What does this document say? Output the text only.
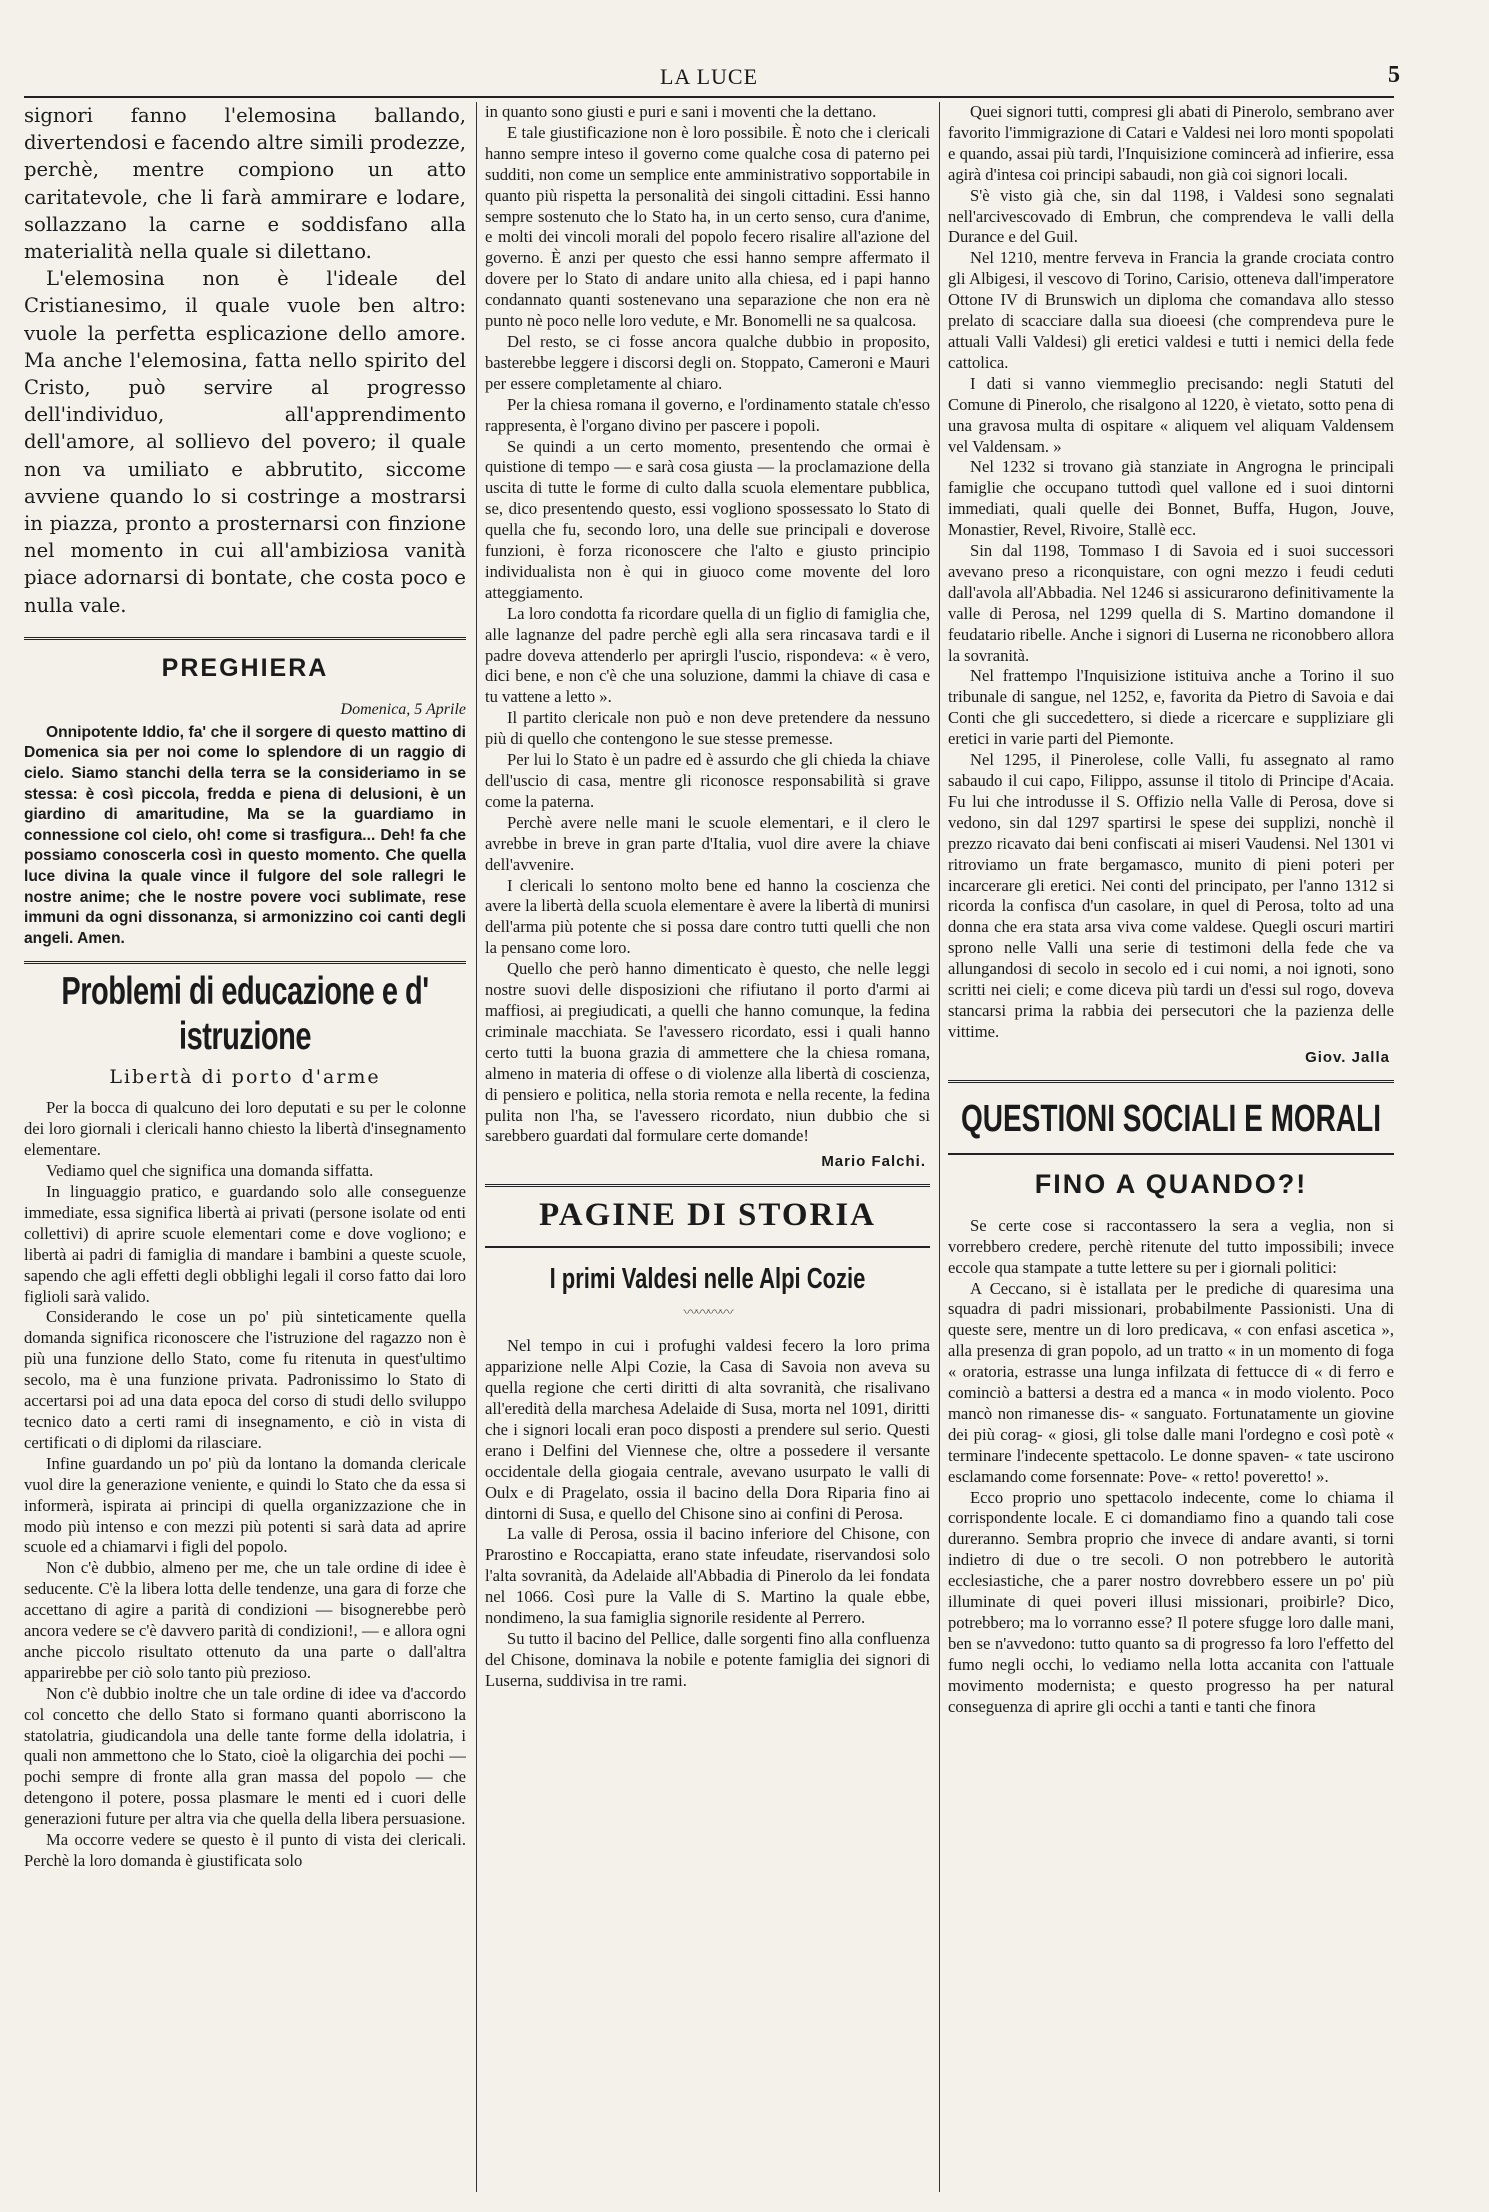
LA LUCE	5

signori fanno l'elemosina ballando, divertendosi e facendo altre simili prodezze, perchè, mentre compiono un atto caritatevole, che li farà ammirare e lodare, sollazzano la carne e soddisfano alla materialità nella quale si dilettano.

L'elemosina non è l'ideale del Cristianesimo, il quale vuole ben altro: vuole la perfetta esplicazione dello amore. Ma anche l'elemosina, fatta nello spirito del Cristo, può servire al progresso dell'individuo, all'apprendimento dell'amore, al sollievo del povero; il quale non va umiliato e abbrutito, siccome avviene quando lo si costringe a mostrarsi in piazza, pronto a prosternarsi con finzione nel momento in cui all'ambiziosa vanità piace adornarsi di bontate, che costa poco e nulla vale.

PREGHIERA
Domenica, 5 Aprile

Onnipotente Iddio, fa' che il sorgere di questo mattino di Domenica sia per noi come lo splendore di un raggio di cielo. Siamo stanchi della terra se la consideriamo in se stessa: è così piccola, fredda e piena di delusioni, è un giardino di amaritudine, Ma se la guardiamo in connessione col cielo, oh! come si trasfigura... Deh! fa che possiamo conoscerla così in questo momento. Che quella luce divina la quale vince il fulgore del sole rallegri le nostre anime; che le nostre povere voci sublimate, rese immuni da ogni dissonanza, si armonizzino coi canti degli angeli. Amen.

Problemi di educazione e d' istruzione
Libertà di porto d'arme

Per la bocca di qualcuno dei loro deputati e su per le colonne dei loro giornali i clericali hanno chiesto la libertà d'insegnamento elementare.

Vediamo quel che significa una domanda siffatta.

In linguaggio pratico, e guardando solo alle conseguenze immediate, essa significa libertà ai privati (persone isolate od enti collettivi) di aprire scuole elementari come e dove vogliono; e libertà ai padri di famiglia di mandare i bambini a queste scuole, sapendo che agli effetti degli obblighi legali il corso fatto dai loro figlioli sarà valido.

Considerando le cose un po' più sinteticamente quella domanda significa riconoscere che l'istruzione del ragazzo non è più una funzione dello Stato, come fu ritenuta in quest'ultimo secolo, ma è una funzione privata. Padronissimo lo Stato di accertarsi poi ad una data epoca del corso di studi dello sviluppo tecnico dato a certi rami di insegnamento, e ciò in vista di certificati o di diplomi da rilasciare.

Infine guardando un po' più da lontano la domanda clericale vuol dire la generazione veniente, e quindi lo Stato che da essa si informerà, ispirata ai principi di quella organizzazione che in modo più intenso e con mezzi più potenti si sarà data ad aprire scuole ed a chiamarvi i figli del popolo.

Non c'è dubbio, almeno per me, che un tale ordine di idee è seducente. C'è la libera lotta delle tendenze, una gara di forze che accettano di agire a parità di condizioni — bisognerebbe però ancora vedere se c'è davvero parità di condizioni!, — e allora ogni anche piccolo risultato ottenuto da una parte o dall'altra apparirebbe per ciò solo tanto più prezioso.

Non c'è dubbio inoltre che un tale ordine di idee va d'accordo col concetto che dello Stato si formano quanti aborriscono la statolatria, giudicandola una delle tante forme della idolatria, i quali non ammettono che lo Stato, cioè la oligarchia dei pochi — pochi sempre di fronte alla gran massa del popolo — che detengono il potere, possa plasmare le menti ed i cuori delle generazioni future per altra via che quella della libera persuasione.

Ma occorre vedere se questo è il punto di vista dei clericali. Perchè la loro domanda è giustificata solo

in quanto sono giusti e puri e sani i moventi che la dettano.

E tale giustificazione non è loro possibile. È noto che i clericali hanno sempre inteso il governo come qualche cosa di paterno pei sudditi, non come un semplice ente amministrativo sopportabile in quanto più rispetta la personalità dei singoli cittadini. Essi hanno sempre sostenuto che lo Stato ha, in un certo senso, cura d'anime, e molti dei vincoli morali del popolo fecero risalire all'azione del governo. È anzi per questo che essi hanno sempre affermato il dovere per lo Stato di andare unito alla chiesa, ed i papi hanno condannato quanti sostenevano una separazione che non era nè punto nè poco nelle loro vedute, e Mr. Bonomelli ne sa qualcosa.

Del resto, se ci fosse ancora qualche dubbio in proposito, basterebbe leggere i discorsi degli on. Stoppato, Cameroni e Mauri per essere completamente al chiaro.

Per la chiesa romana il governo, e l'ordinamento statale ch'esso rappresenta, è l'organo divino per pascere i popoli.

Se quindi a un certo momento, presentendo che ormai è quistione di tempo — e sarà cosa giusta — la proclamazione della uscita di tutte le forme di culto dalla scuola elementare pubblica, se, dico presentendo questo, essi vogliono spossessato lo Stato di quella che fu, secondo loro, una delle sue principali e doverose funzioni, è forza riconoscere che l'alto e giusto principio individualista non è qui in giuoco come movente del loro atteggiamento.

La loro condotta fa ricordare quella di un figlio di famiglia che, alle lagnanze del padre perchè egli alla sera rincasava tardi e il padre doveva attenderlo per aprirgli l'uscio, rispondeva: « è vero, dici bene, e non c'è che una soluzione, dammi la chiave di casa e tu vattene a letto ».

Il partito clericale non può e non deve pretendere da nessuno più di quello che contengono le sue stesse premesse.

Per lui lo Stato è un padre ed è assurdo che gli chieda la chiave dell'uscio di casa, mentre gli riconosce responsabilità si grave come la paterna.

Perchè avere nelle mani le scuole elementari, e il clero le avrebbe in breve in gran parte d'Italia, vuol dire avere la chiave dell'avvenire.

I clericali lo sentono molto bene ed hanno la coscienza che avere la libertà della scuola elementare è avere la libertà di munirsi dell'arma più potente che si possa dare contro tutti quelli che non la pensano come loro.

Quello che però hanno dimenticato è questo, che nelle leggi nostre suovi delle disposizioni che rifiutano il porto d'armi ai maffiosi, ai pregiudicati, a quelli che hanno comunque, la fedina criminale macchiata. Se l'avessero ricordato, essi i quali hanno certo tutti la buona grazia di ammettere che la chiesa romana, almeno in materia di offese o di violenze alla libertà di coscienza, di pensiero e politica, nella storia remota e nella recente, la fedina pulita non l'ha, se l'avessero ricordato, niun dubbio che si sarebbero guardati dal formulare certe domande!

Mario Falchi.
PAGINE DI STORIA
I primi Valdesi nelle Alpi Cozie
〰〰〰〰

Nel tempo in cui i profughi valdesi fecero la loro prima apparizione nelle Alpi Cozie, la Casa di Savoia non aveva su quella regione che certi diritti di alta sovranità, che risalivano all'eredità della marchesa Adelaide di Susa, morta nel 1091, diritti che i signori locali eran poco disposti a prendere sul serio. Questi erano i Delfini del Viennese che, oltre a possedere il versante occidentale della giogaia centrale, avevano usurpato le valli di Oulx e di Pragelato, ossia il bacino della Dora Riparia fino ai dintorni di Susa, e quello del Chisone sino ai confini di Perosa.

La valle di Perosa, ossia il bacino inferiore del Chisone, con Prarostino e Roccapiatta, erano state infeudate, riservandosi solo l'alta sovranità, da Adelaide all'Abbadia di Pinerolo da lei fondata nel 1066. Così pure la Valle di S. Martino la quale ebbe, nondimeno, la sua famiglia signorile residente al Perrero.

Su tutto il bacino del Pellice, dalle sorgenti fino alla confluenza del Chisone, dominava la nobile e potente famiglia dei signori di Luserna, suddivisa in tre rami.

Quei signori tutti, compresi gli abati di Pinerolo, sembrano aver favorito l'immigrazione di Catari e Valdesi nei loro monti spopolati e quando, assai più tardi, l'Inquisizione comincerà ad infierire, essa agirà d'intesa coi principi sabaudi, non già coi signori locali.

S'è visto già che, sin dal 1198, i Valdesi sono segnalati nell'arcivescovado di Embrun, che comprendeva le valli della Durance e del Guil.

Nel 1210, mentre ferveva in Francia la grande crociata contro gli Albigesi, il vescovo di Torino, Carisio, otteneva dall'imperatore Ottone IV di Brunswich un diploma che comandava allo stesso prelato di scacciare dalla sua dioeesi (che comprendeva pure le attuali Valli Valdesi) gli eretici valdesi e tutti i nemici della fede cattolica.

I dati si vanno viemmeglio precisando: negli Statuti del Comune di Pinerolo, che risalgono al 1220, è vietato, sotto pena di una gravosa multa di ospitare « aliquem vel aliquam Valdensem vel Valdensam. »

Nel 1232 si trovano già stanziate in Angrogna le principali famiglie che occupano tuttodì quel vallone ed i suoi dintorni immediati, quali quelle dei Bonnet, Buffa, Hugon, Jouve, Monastier, Revel, Rivoire, Stallè ecc.

Sin dal 1198, Tommaso I di Savoia ed i suoi successori avevano preso a riconquistare, con ogni mezzo i feudi ceduti dall'avola all'Abbadia. Nel 1246 si assicurarono definitivamente la valle di Perosa, nel 1299 quella di S. Martino domandone il feudatario ribelle. Anche i signori di Luserna ne riconobbero allora la sovranità.

Nel frattempo l'Inquisizione istituiva anche a Torino il suo tribunale di sangue, nel 1252, e, favorita da Pietro di Savoia e dai Conti che gli succedettero, si diede a ricercare e suppliziare gli eretici in varie parti del Piemonte.

Nel 1295, il Pinerolese, colle Valli, fu assegnato al ramo sabaudo il cui capo, Filippo, assunse il titolo di Principe d'Acaia. Fu lui che introdusse il S. Offizio nella Valle di Perosa, dove si vedono, sin dal 1297 spartirsi le spese dei supplizi, nonchè il prezzo ricavato dai beni confiscati ai miseri Vaudensi. Nel 1301 vi ritroviamo un frate bergamasco, munito di pieni poteri per incarcerare gli eretici. Nei conti del principato, per l'anno 1312 si ricorda la confisca d'un casolare, in quel di Perosa, tolto ad una donna che era stata arsa viva come valdese. Quegli oscuri martiri sprono nelle Valli una serie di testimoni della fede che va allungandosi di secolo in secolo ed i cui nomi, a noi ignoti, sono scritti nei cieli; e come diceva più tardi un d'essi sul rogo, doveva stancarsi prima la rabbia dei persecutori che la pazienza delle vittime.

Giov. Jalla
QUESTIONI SOCIALI E MORALI
FINO A QUANDO?!

Se certe cose si raccontassero la sera a veglia, non si vorrebbero credere, perchè ritenute del tutto impossibili; invece eccole qua stampate a tutte lettere su per i giornali politici:

A Ceccano, si è istallata per le prediche di quaresima una squadra di padri missionari, probabilmente Passionisti. Una di queste sere, mentre un di loro predicava, « con enfasi ascetica », alla presenza di gran popolo, ad un tratto « in un momento di foga « oratoria, estrasse una lunga infilzata di fettucce di « di ferro e cominciò a battersi a destra ed a manca « in modo violento. Poco mancò non rimanesse dis- « sanguato. Fortunatamente un giovine dei più corag- « giosi, gli tolse dalle mani l'ordegno e così potè « terminare l'indecente spettacolo. Le donne spaven- « tate uscirono esclamando come forsennate: Pove- « retto! poveretto! ».

Ecco proprio uno spettacolo indecente, come lo chiama il corrispondente locale. E ci domandiamo fino a quando tali cose dureranno. Sembra proprio che invece di andare avanti, si torni indietro di due o tre secoli. O non potrebbero le autorità ecclesiastiche, che a parer nostro dovrebbero essere un po' più illuminate di quei poveri illusi missionari, proibirle? Dico, potrebbero; ma lo vorranno esse? Il potere sfugge loro dalle mani, ben se n'avvedono: tutto quanto sa di progresso fa loro l'effetto del fumo negli occhi, lo vediamo nella lotta accanita con l'attuale movimento modernista; e questo progresso ha per natural conseguenza di aprire gli occhi a tanti e tanti che finora
